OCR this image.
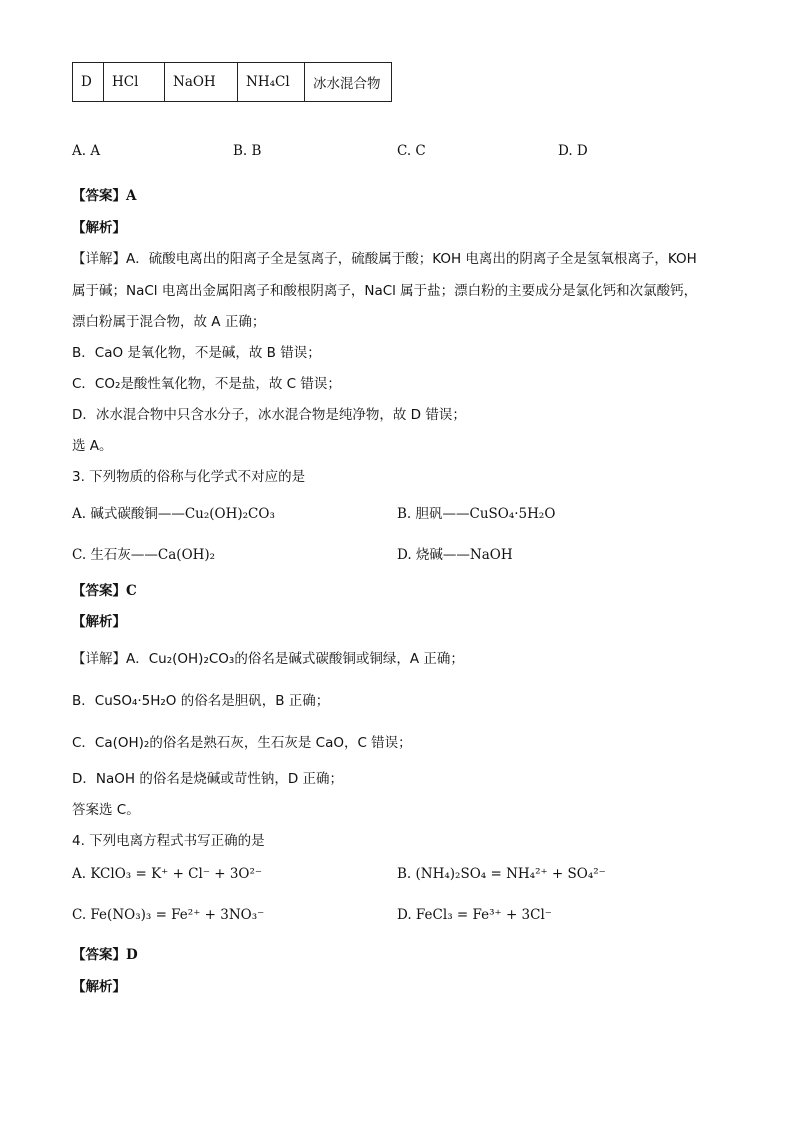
D	HCl	NaOH	NH₄Cl	冰水混合物
A. A	B. B	C. C	D. D
【答案】A
【解析】
【详解】A．硫酸电离出的阳离子全是氢离子，硫酸属于酸；KOH 电离出的阴离子全是氢氧根离子，KOH
属于碱；NaCl 电离出金属阳离子和酸根阴离子，NaCl 属于盐；漂白粉的主要成分是氯化钙和次氯酸钙，
漂白粉属于混合物，故 A 正确；
B．CaO 是氧化物，不是碱，故 B 错误；
C．CO₂是酸性氧化物，不是盐，故 C 错误；
D．冰水混合物中只含水分子，冰水混合物是纯净物，故 D 错误；
选 A。
3. 下列物质的俗称与化学式不对应的是
A. 碱式碳酸铜——Cu₂(OH)₂CO₃	B. 胆矾——CuSO₄·5H₂O
C. 生石灰——Ca(OH)₂	D. 烧碱——NaOH
【答案】C
【解析】
【详解】A．Cu₂(OH)₂CO₃的俗名是碱式碳酸铜或铜绿，A 正确；
B．CuSO₄·5H₂O 的俗名是胆矾，B 正确；
C．Ca(OH)₂的俗名是熟石灰，生石灰是 CaO，C 错误；
D．NaOH 的俗名是烧碱或苛性钠，D 正确；
答案选 C。
4. 下列电离方程式书写正确的是
A. KClO₃ = K⁺ + Cl⁻ + 3O²⁻	B. (NH₄)₂SO₄ = NH₄²⁺ + SO₄²⁻
C. Fe(NO₃)₃ = Fe²⁺ + 3NO₃⁻	D. FeCl₃ = Fe³⁺ + 3Cl⁻
【答案】D
【解析】
